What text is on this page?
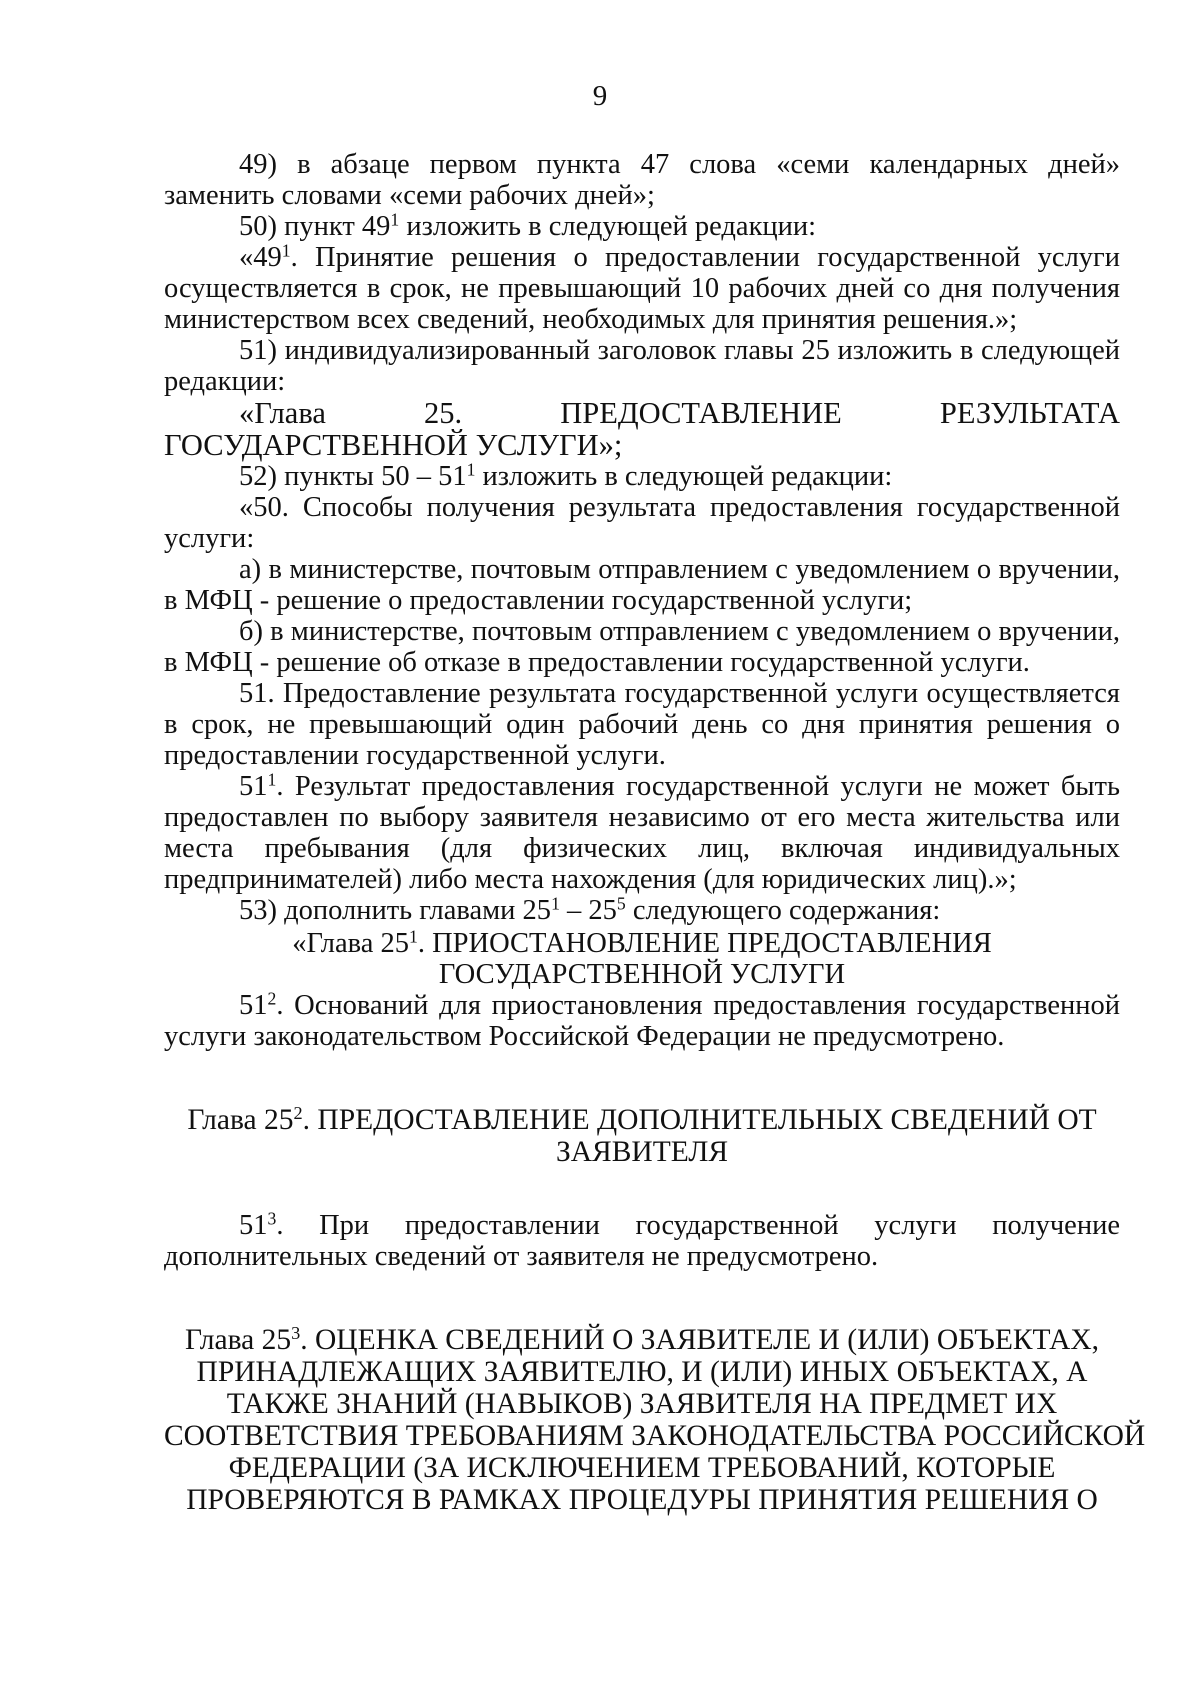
9

49) в абзаце первом пункта 47 слова «семи календарных дней» заменить словами «семи рабочих дней»;

50) пункт $49^1$ изложить в следующей редакции:

«$49^1$. Принятие решения о предоставлении государственной услуги осуществляется в срок, не превышающий 10 рабочих дней со дня получения министерством всех сведений, необходимых для принятия решения.»;

51) индивидуализированный заголовок главы 25 изложить в следующей редакции:

«Глава 25. ПРЕДОСТАВЛЕНИЕ РЕЗУЛЬТАТА ГОСУДАРСТВЕННОЙ УСЛУГИ»;

52) пункты $50 - 51^1$ изложить в следующей редакции:

«50. Способы получения результата предоставления государственной услуги:

а) в министерстве, почтовым отправлением с уведомлением о вручении, в МФЦ - решение о предоставлении государственной услуги;

б) в министерстве, почтовым отправлением с уведомлением о вручении, в МФЦ - решение об отказе в предоставлении государственной услуги.

51. Предоставление результата государственной услуги осуществляется в срок, не превышающий один рабочий день со дня принятия решения о предоставлении государственной услуги.

$51^1$. Результат предоставления государственной услуги не может быть предоставлен по выбору заявителя независимо от его места жительства или места пребывания (для физических лиц, включая индивидуальных предпринимателей) либо места нахождения (для юридических лиц).»;

53) дополнить главами $25^1 - 25^5$ следующего содержания:

«Глава $25^1$. ПРИОСТАНОВЛЕНИЕ ПРЕДОСТАВЛЕНИЯ
ГОСУДАРСТВЕННОЙ УСЛУГИ

$51^2$. Оснований для приостановления предоставления государственной услуги законодательством Российской Федерации не предусмотрено.

Глава $25^2$. ПРЕДОСТАВЛЕНИЕ ДОПОЛНИТЕЛЬНЫХ СВЕДЕНИЙ ОТ
ЗАЯВИТЕЛЯ

$51^3$. При предоставлении государственной услуги получение дополнительных сведений от заявителя не предусмотрено.

Глава $25^3$. ОЦЕНКА СВЕДЕНИЙ О ЗАЯВИТЕЛЕ И (ИЛИ) ОБЪЕКТАХ,
ПРИНАДЛЕЖАЩИХ ЗАЯВИТЕЛЮ, И (ИЛИ) ИНЫХ ОБЪЕКТАХ, А
ТАКЖЕ ЗНАНИЙ (НАВЫКОВ) ЗАЯВИТЕЛЯ НА ПРЕДМЕТ ИХ
СООТВЕТСТВИЯ ТРЕБОВАНИЯМ ЗАКОНОДАТЕЛЬСТВА РОССИЙСКОЙ
ФЕДЕРАЦИИ (ЗА ИСКЛЮЧЕНИЕМ ТРЕБОВАНИЙ, КОТОРЫЕ
ПРОВЕРЯЮТСЯ В РАМКАХ ПРОЦЕДУРЫ ПРИНЯТИЯ РЕШЕНИЯ О
